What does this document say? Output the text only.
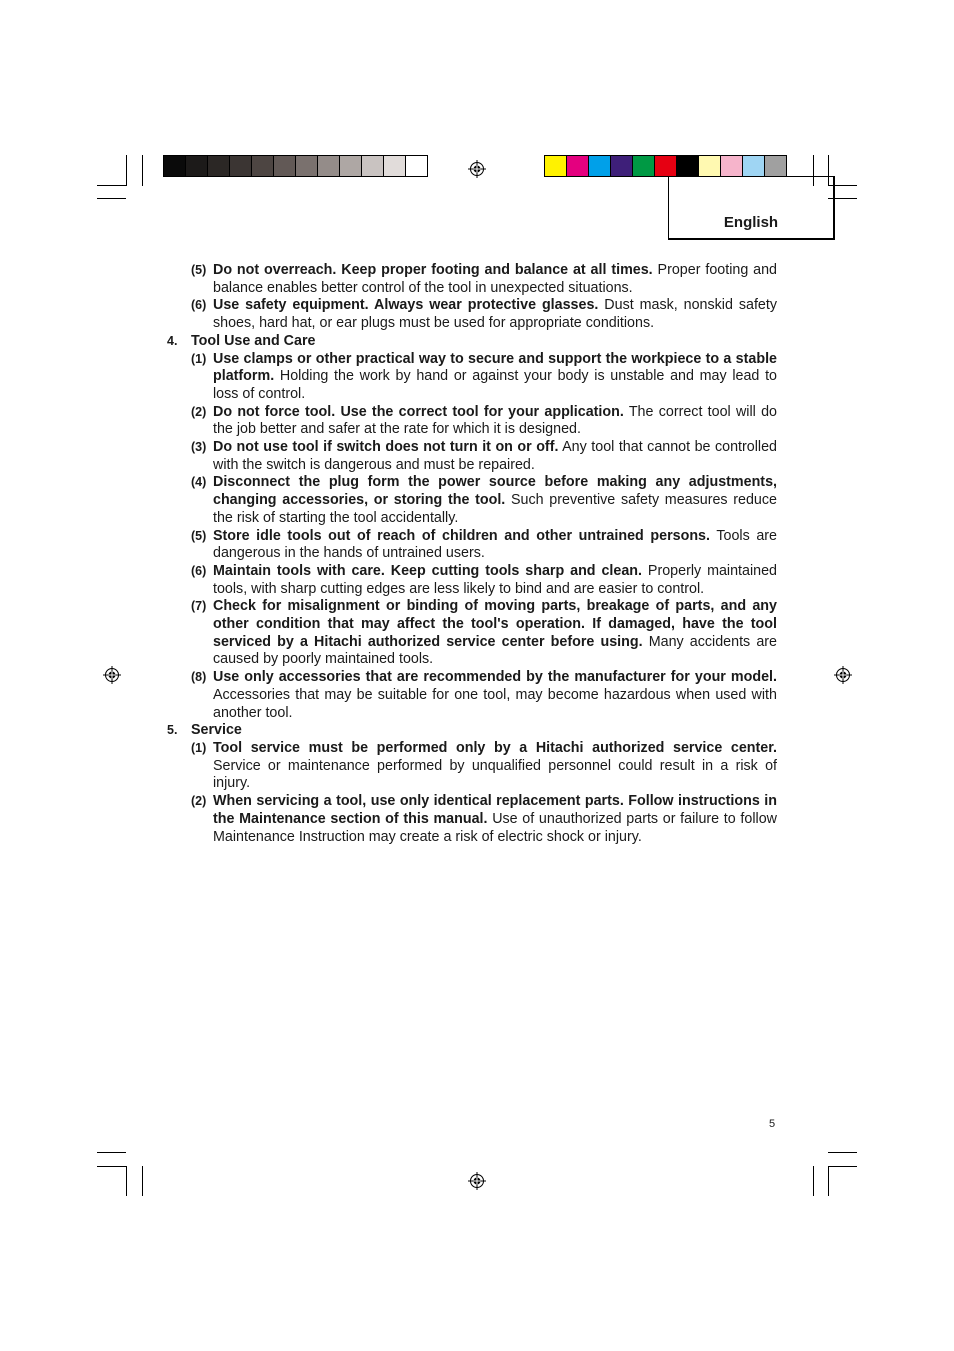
English
(5) Do not overreach. Keep proper footing and balance at all times. Proper footing and balance enables better control of the tool in unexpected situations.
(6) Use safety equipment. Always wear protective glasses. Dust mask, nonskid safety shoes, hard hat, or ear plugs must be used for appropriate conditions.
4. Tool Use and Care
(1) Use clamps or other practical way to secure and support the workpiece to a stable platform. Holding the work by hand or against your body is unstable and may lead to loss of control.
(2) Do not force tool. Use the correct tool for your application. The correct tool will do the job better and safer at the rate for which it is designed.
(3) Do not use tool if switch does not turn it on or off. Any tool that cannot be controlled with the switch is dangerous and must be repaired.
(4) Disconnect the plug form the power source before making any adjustments, changing accessories, or storing the tool. Such preventive safety measures reduce the risk of starting the tool accidentally.
(5) Store idle tools out of reach of children and other untrained persons. Tools are dangerous in the hands of untrained users.
(6) Maintain tools with care. Keep cutting tools sharp and clean. Properly maintained tools, with sharp cutting edges are less likely to bind and are easier to control.
(7) Check for misalignment or binding of moving parts, breakage of parts, and any other condition that may affect the tool's operation. If damaged, have the tool serviced by a Hitachi authorized service center before using. Many accidents are caused by poorly maintained tools.
(8) Use only accessories that are recommended by the manufacturer for your model. Accessories that may be suitable for one tool, may become hazardous when used with another tool.
5. Service
(1) Tool service must be performed only by a Hitachi authorized service center. Service or maintenance performed by unqualified personnel could result in a risk of injury.
(2) When servicing a tool, use only identical replacement parts. Follow instructions in the Maintenance section of this manual. Use of unauthorized parts or failure to follow Maintenance Instruction may create a risk of electric shock or injury.
5
